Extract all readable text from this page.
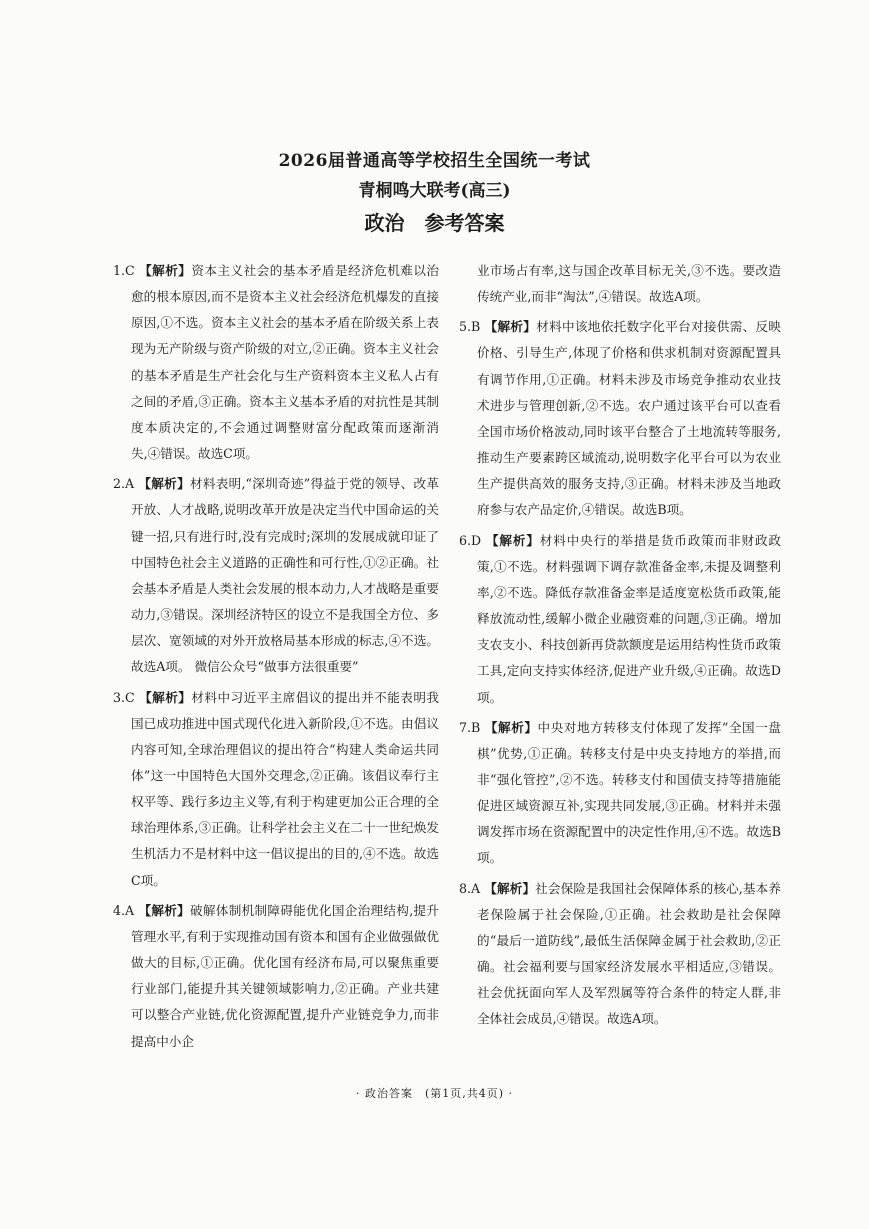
2026届普通高等学校招生全国统一考试
青桐鸣大联考(高三)
政治　参考答案

1.C 【解析】资本主义社会的基本矛盾是经济危机难以治愈的根本原因,而不是资本主义社会经济危机爆发的直接原因,①不选。资本主义社会的基本矛盾在阶级关系上表现为无产阶级与资产阶级的对立,②正确。资本主义社会的基本矛盾是生产社会化与生产资料资本主义私人占有之间的矛盾,③正确。资本主义基本矛盾的对抗性是其制度本质决定的,不会通过调整财富分配政策而逐渐消失,④错误。故选C项。

2.A 【解析】材料表明,“深圳奇迹”得益于党的领导、改革开放、人才战略,说明改革开放是决定当代中国命运的关键一招,只有进行时,没有完成时;深圳的发展成就印证了中国特色社会主义道路的正确性和可行性,①②正确。社会基本矛盾是人类社会发展的根本动力,人才战略是重要动力,③错误。深圳经济特区的设立不是我国全方位、多层次、宽领域的对外开放格局基本形成的标志,④不选。故选A项。 微信公众号“做事方法很重要”

3.C 【解析】材料中习近平主席倡议的提出并不能表明我国已成功推进中国式现代化进入新阶段,①不选。由倡议内容可知,全球治理倡议的提出符合“构建人类命运共同体”这一中国特色大国外交理念,②正确。该倡议奉行主权平等、践行多边主义等,有利于构建更加公正合理的全球治理体系,③正确。让科学社会主义在二十一世纪焕发生机活力不是材料中这一倡议提出的目的,④不选。故选C项。

4.A 【解析】破解体制机制障碍能优化国企治理结构,提升管理水平,有利于实现推动国有资本和国有企业做强做优做大的目标,①正确。优化国有经济布局,可以聚焦重要行业部门,能提升其关键领域影响力,②正确。产业共建可以整合产业链,优化资源配置,提升产业链竞争力,而非提高中小企

业市场占有率,这与国企改革目标无关,③不选。要改造传统产业,而非“淘汰”,④错误。故选A项。

5.B 【解析】材料中该地依托数字化平台对接供需、反映价格、引导生产,体现了价格和供求机制对资源配置具有调节作用,①正确。材料未涉及市场竞争推动农业技术进步与管理创新,②不选。农户通过该平台可以查看全国市场价格波动,同时该平台整合了土地流转等服务,推动生产要素跨区域流动,说明数字化平台可以为农业生产提供高效的服务支持,③正确。材料未涉及当地政府参与农产品定价,④错误。故选B项。

6.D 【解析】材料中央行的举措是货币政策而非财政政策,①不选。材料强调下调存款准备金率,未提及调整利率,②不选。降低存款准备金率是适度宽松货币政策,能释放流动性,缓解小微企业融资难的问题,③正确。增加支农支小、科技创新再贷款额度是运用结构性货币政策工具,定向支持实体经济,促进产业升级,④正确。故选D项。

7.B 【解析】中央对地方转移支付体现了发挥“全国一盘棋”优势,①正确。转移支付是中央支持地方的举措,而非“强化管控”,②不选。转移支付和国债支持等措施能促进区域资源互补,实现共同发展,③正确。材料并未强调发挥市场在资源配置中的决定性作用,④不选。故选B项。

8.A 【解析】社会保险是我国社会保障体系的核心,基本养老保险属于社会保险,①正确。社会救助是社会保障的“最后一道防线”,最低生活保障金属于社会救助,②正确。社会福利要与国家经济发展水平相适应,③错误。社会优抚面向军人及军烈属等符合条件的特定人群,非全体社会成员,④错误。故选A项。

· 政治答案　(第1页,共4页) ·
